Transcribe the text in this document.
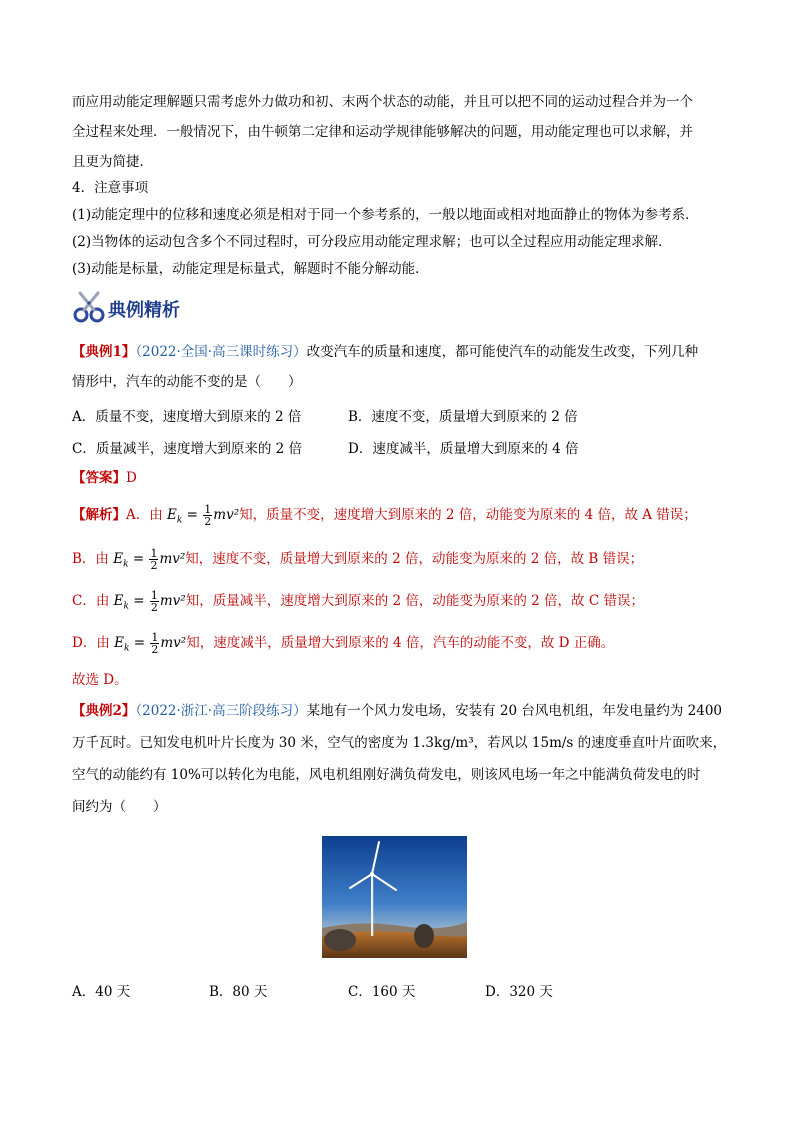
而应用动能定理解题只需考虑外力做功和初、末两个状态的动能，并且可以把不同的运动过程合并为一个
全过程来处理．一般情况下，由牛顿第二定律和运动学规律能够解决的问题，用动能定理也可以求解，并
且更为简捷．
4．注意事项
(1)动能定理中的位移和速度必须是相对于同一个参考系的，一般以地面或相对地面静止的物体为参考系．
(2)当物体的运动包含多个不同过程时，可分段应用动能定理求解；也可以全过程应用动能定理求解．
(3)动能是标量，动能定理是标量式，解题时不能分解动能．
典例精析
【典例1】（2022·全国·高三课时练习）改变汽车的质量和速度，都可能使汽车的动能发生改变，下列几种
情形中，汽车的动能不变的是（　　）
A．质量不变，速度增大到原来的 2 倍	B．速度不变，质量增大到原来的 2 倍
C．质量减半，速度增大到原来的 2 倍	D．速度减半，质量增大到原来的 4 倍
【答案】D
【解析】A．由 $E_k = \frac{1}{2} mv^2$知，质量不变，速度增大到原来的 2 倍，动能变为原来的 4 倍，故 A 错误；
B．由 $E_k = \frac{1}{2} mv^2$知，速度不变，质量增大到原来的 2 倍，动能变为原来的 2 倍，故 B 错误；
C．由 $E_k = \frac{1}{2} mv^2$知，质量减半，速度增大到原来的 2 倍，动能变为原来的 2 倍，故 C 错误；
D．由 $E_k = \frac{1}{2} mv^2$知，速度减半，质量增大到原来的 4 倍，汽车的动能不变，故 D 正确。
故选 D。
【典例2】（2022·浙江·高三阶段练习）某地有一个风力发电场，安装有 20 台风电机组，年发电量约为 2400
万千瓦时。已知发电机叶片长度为 30 米，空气的密度为 1.3kg/m³，若风以 15m/s 的速度垂直叶片面吹来，
空气的动能约有 10%可以转化为电能，风电机组刚好满负荷发电，则该风电场一年之中能满负荷发电的时
间约为（　　）
A．40 天	B．80 天	C．160 天	D．320 天
